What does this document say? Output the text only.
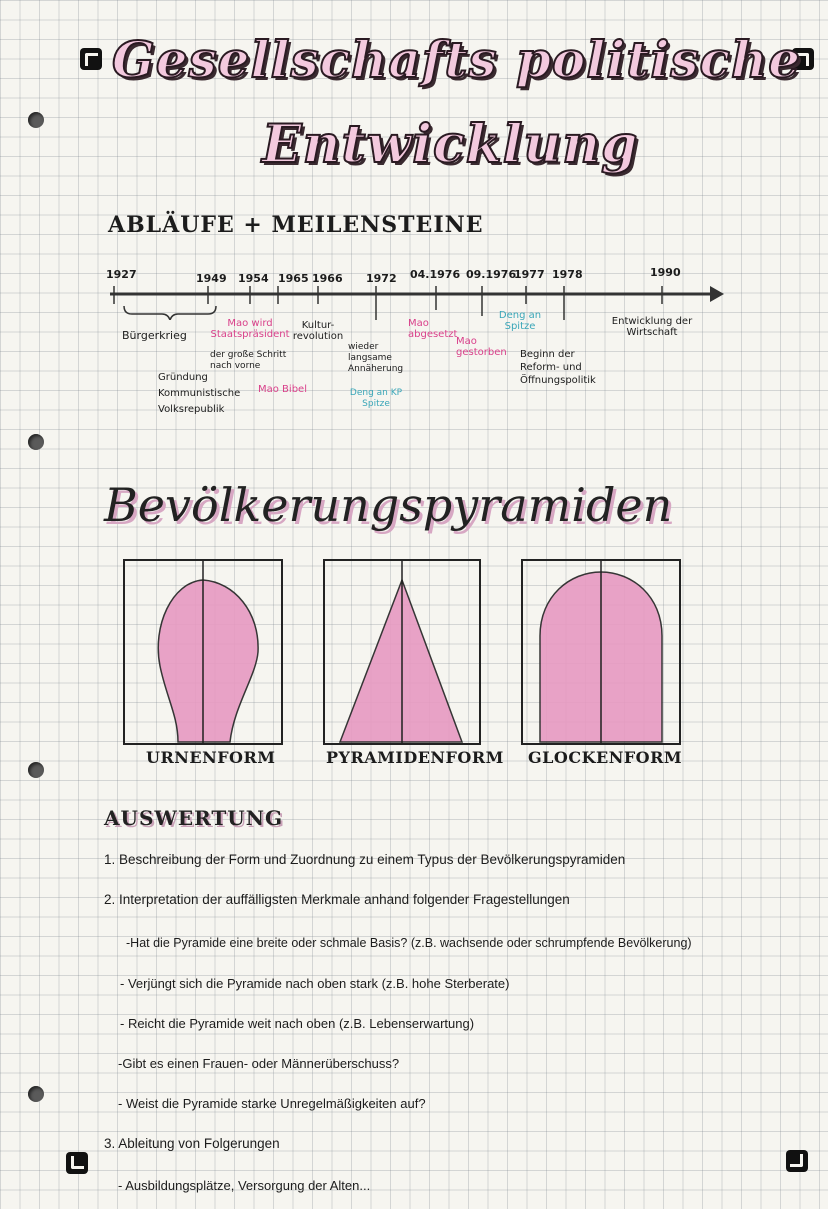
Gesellschafts politische
Entwicklung
ABLÄUFE + MEILENSTEINE
1927	1949 1954 1965 1966 1972 04.1976 09.1976
1977 1978	1990
Bürgerkrieg
Gründung Kommunistische Volksrepublik
Mao wird Staatspräsident
der große Schritt nach vorne
Mao Bibel
Kultur-revolution
wieder langsame Annäherung
Deng an KP Spitze
Mao abgesetzt
Mao gestorben
Deng an Spitze
Beginn der Reform- und Öffnungspolitik
Entwicklung der Wirtschaft
Bevölkerungspyramiden
URNENFORM	PYRAMIDENFORM GLOCKENFORM
AUSWERTUNG
1. Beschreibung der Form und Zuordnung zu einem Typus der Bevölkerungspyramiden
2. Interpretation der auffälligsten Merkmale anhand folgender Fragestellungen
-Hat die Pyramide eine breite oder schmale Basis? (z.B. wachsende oder schrumpfende Bevölkerung)
- Verjüngt sich die Pyramide nach oben stark (z.B. hohe Sterberate)
- Reicht die Pyramide weit nach oben (z.B. Lebenserwartung)
-Gibt es einen Frauen- oder Männerüberschuss?
- Weist die Pyramide starke Unregelmäßigkeiten auf?
3. Ableitung von Folgerungen
- Ausbildungsplätze, Versorgung der Alten...
